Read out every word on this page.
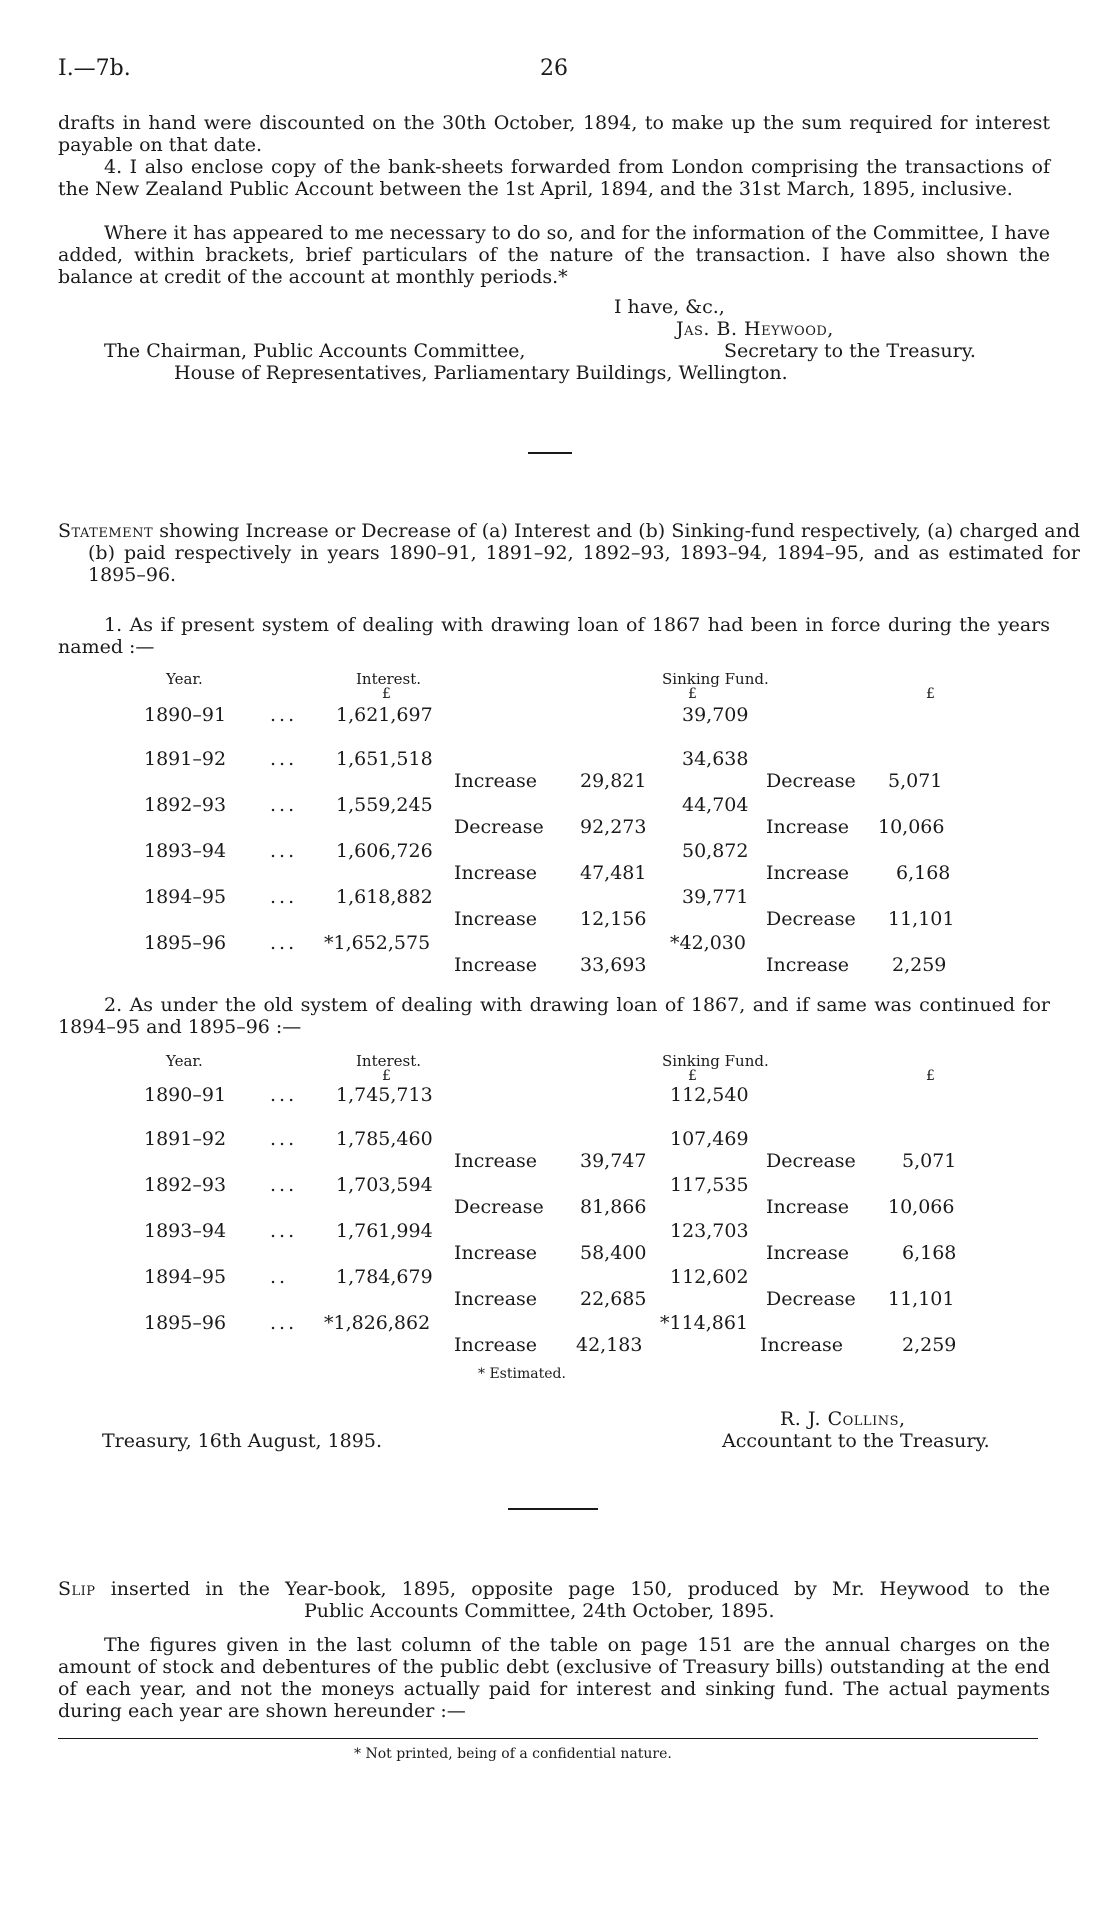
I.—7b.	26

drafts in hand were discounted on the 30th October, 1894, to make up the sum required for interest payable on that date.

4. I also enclose copy of the bank-sheets forwarded from London comprising the transactions of the New Zealand Public Account between the 1st April, 1894, and the 31st March, 1895, inclusive.

Where it has appeared to me necessary to do so, and for the information of the Committee, I have added, within brackets, brief particulars of the nature of the transaction. I have also shown the balance at credit of the account at monthly periods.*

I have, &c.,
Jas. B. Heywood,
The Chairman, Public Accounts Committee,	Secretary to the Treasury.
House of Representatives, Parliamentary Buildings, Wellington.

Statement showing Increase or Decrease of (a) Interest and (b) Sinking-fund respectively, (a) charged and (b) paid respectively in years 1890–91, 1891–92, 1892–93, 1893–94, 1894–95, and as estimated for 1895–96.

1. As if present system of dealing with drawing loan of 1867 had been in force during the years named :—

Year.	Interest.	Sinking Fund.
£	£	£
1890–91 ... 1,621,697	39,709
1891–92 ... 1,651,518	34,638
Increase 29,821	Decrease 5,071
1892–93 ... 1,559,245	44,704
Decrease 92,273	Increase 10,066
1893–94 ... 1,606,726	50,872
Increase 47,481	Increase 6,168
1894–95 ... 1,618,882	39,771
Increase 12,156	Decrease 11,101
1895–96 ... *1,652,575	*42,030
Increase 33,693	Increase 2,259

2. As under the old system of dealing with drawing loan of 1867, and if same was continued for 1894–95 and 1895–96 :—

Year.	Interest.	Sinking Fund.
£	£	£
1890–91 ... 1,745,713	112,540
1891–92 ... 1,785,460	107,469
Increase 39,747	Decrease 5,071
1892–93 ... 1,703,594	117,535
Decrease 81,866	Increase 10,066
1893–94 ... 1,761,994	123,703
Increase 58,400	Increase	6,168
1894–95 ..	1,784,679	112,602
Increase 22,685	Decrease 11,101
1895–96 ... *1,826,862	*114,861
Increase 42,183	Increase	2,259
* Estimated.
R. J. Collins,
Treasury, 16th August, 1895.	Accountant to the Treasury.
Slip inserted in the Year-book, 1895, opposite page 150, produced by Mr. Heywood to the
Public Accounts Committee, 24th October, 1895.

The figures given in the last column of the table on page 151 are the annual charges on the amount of stock and debentures of the public debt (exclusive of Treasury bills) outstanding at the end of each year, and not the moneys actually paid for interest and sinking fund. The actual payments during each year are shown hereunder :—

* Not printed, being of a confidential nature.
